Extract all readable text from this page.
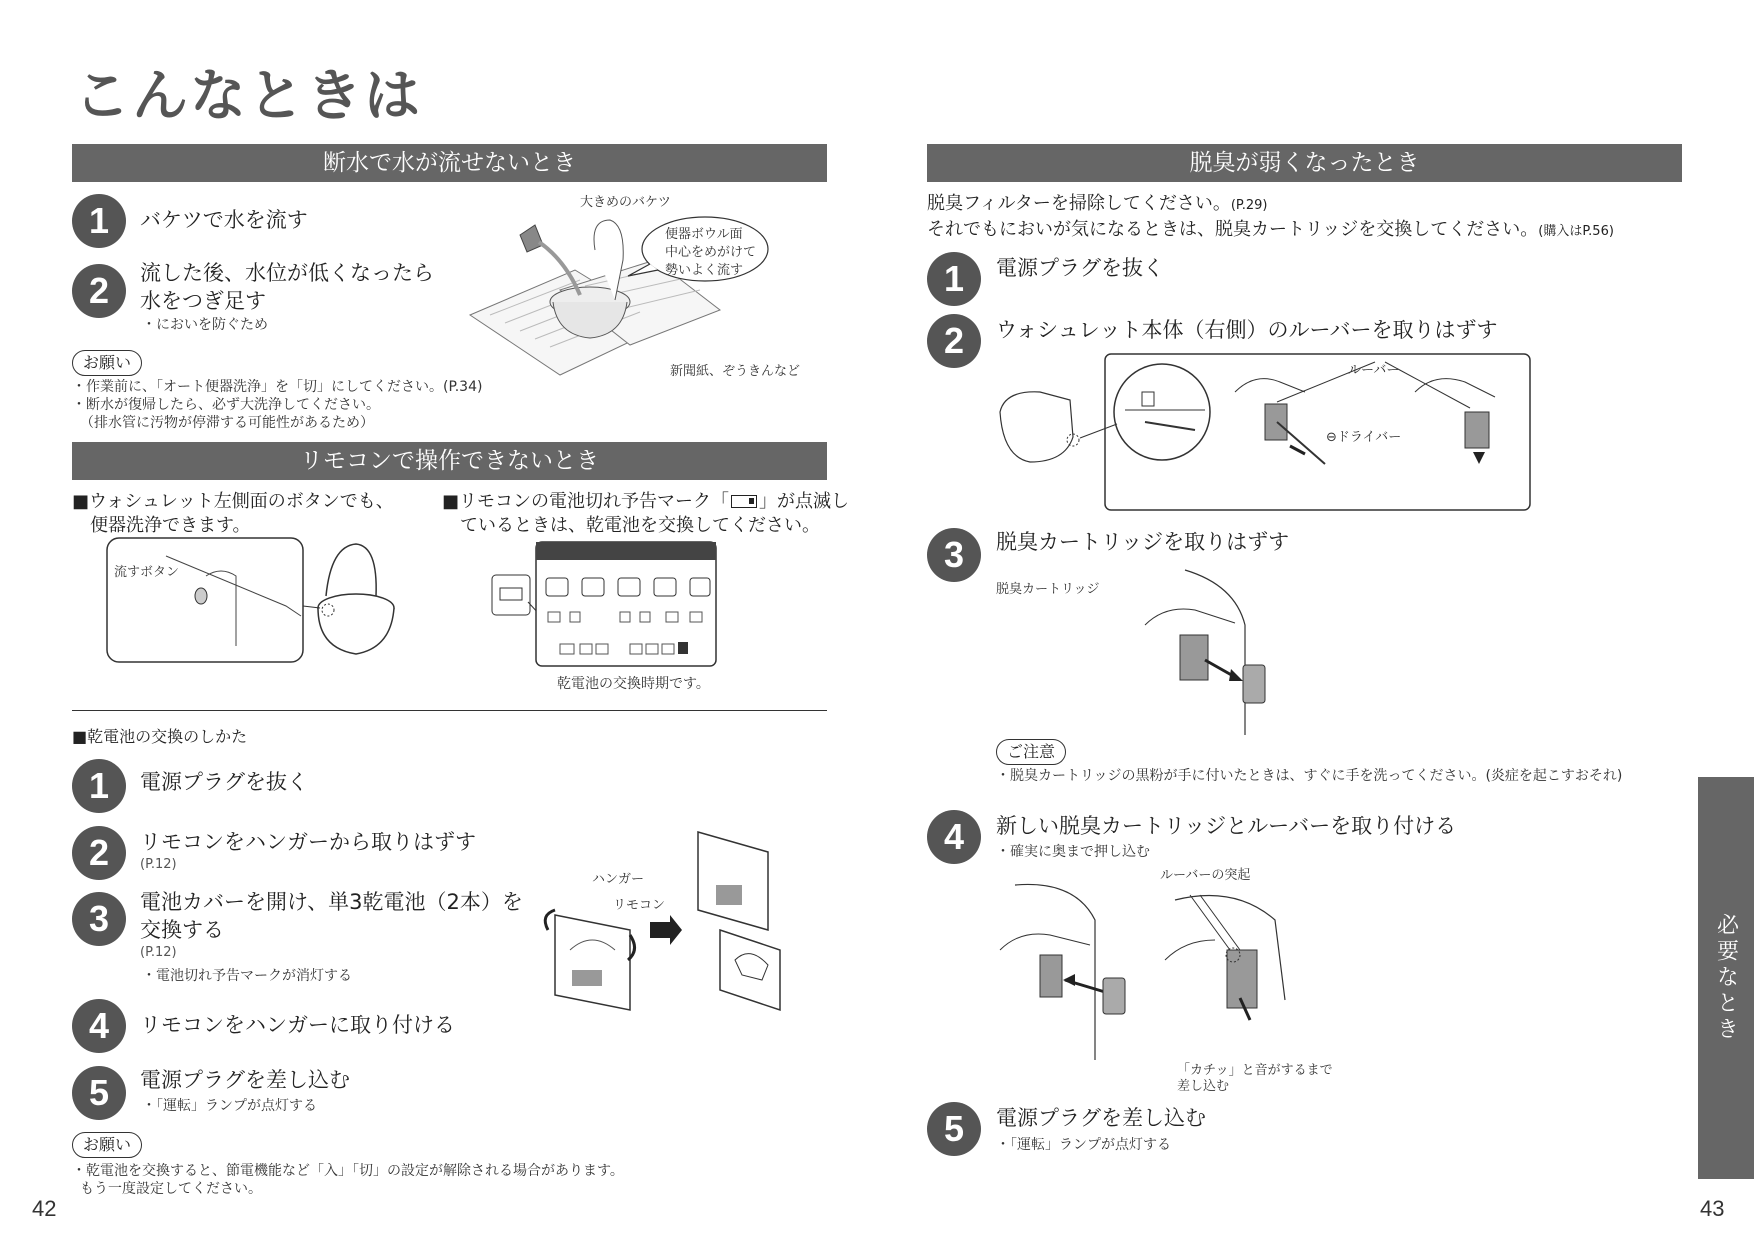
こんなときは
断水で水が流せないとき
1	バケツで水を流す
2	流した後、水位が低くなったら
水をつぎ足す
・においを防ぐため
大きめのバケツ
便器ボウル面
中心をめがけて
勢いよく流す
新聞紙、ぞうきんなど
お願い
・作業前に、「オート便器洗浄」を「切」にしてください。(P.34)
・断水が復帰したら、必ず大洗浄してください。
（排水管に汚物が停滞する可能性があるため）
リモコンで操作できないとき
■ウォシュレット左側面のボタンでも、
便器洗浄できます。
■リモコンの電池切れ予告マーク「 」が点滅し
ているときは、乾電池を交換してください。
流すボタン
乾電池の交換時期です。
■乾電池の交換のしかた
1	電源プラグを抜く
2	リモコンをハンガーから取りはずす
(P.12)
3	電池カバーを開け、単3乾電池（2本）を
交換する
(P.12)
・電池切れ予告マークが消灯する
4	リモコンをハンガーに取り付ける
5	電源プラグを差し込む
・「運転」ランプが点灯する
ハンガー
リモコン
お願い
・乾電池を交換すると、節電機能など「入」「切」の設定が解除される場合があります。
もう一度設定してください。
42
脱臭が弱くなったとき
脱臭フィルターを掃除してください。(P.29)
それでもにおいが気になるときは、脱臭カートリッジを交換してください。(購入はP.56)
1	電源プラグを抜く
2	ウォシュレット本体（右側）のルーバーを取りはずす
ルーバー
⊖ドライバー
3	脱臭カートリッジを取りはずす
脱臭カートリッジ
ご注意
・脱臭カートリッジの黒粉が手に付いたときは、すぐに手を洗ってください。(炎症を起こすおそれ)
4	新しい脱臭カートリッジとルーバーを取り付ける
・確実に奥まで押し込む
ルーバーの突起
「カチッ」と音がするまで
差し込む
5	電源プラグを差し込む
・「運転」ランプが点灯する
必要なとき
43
